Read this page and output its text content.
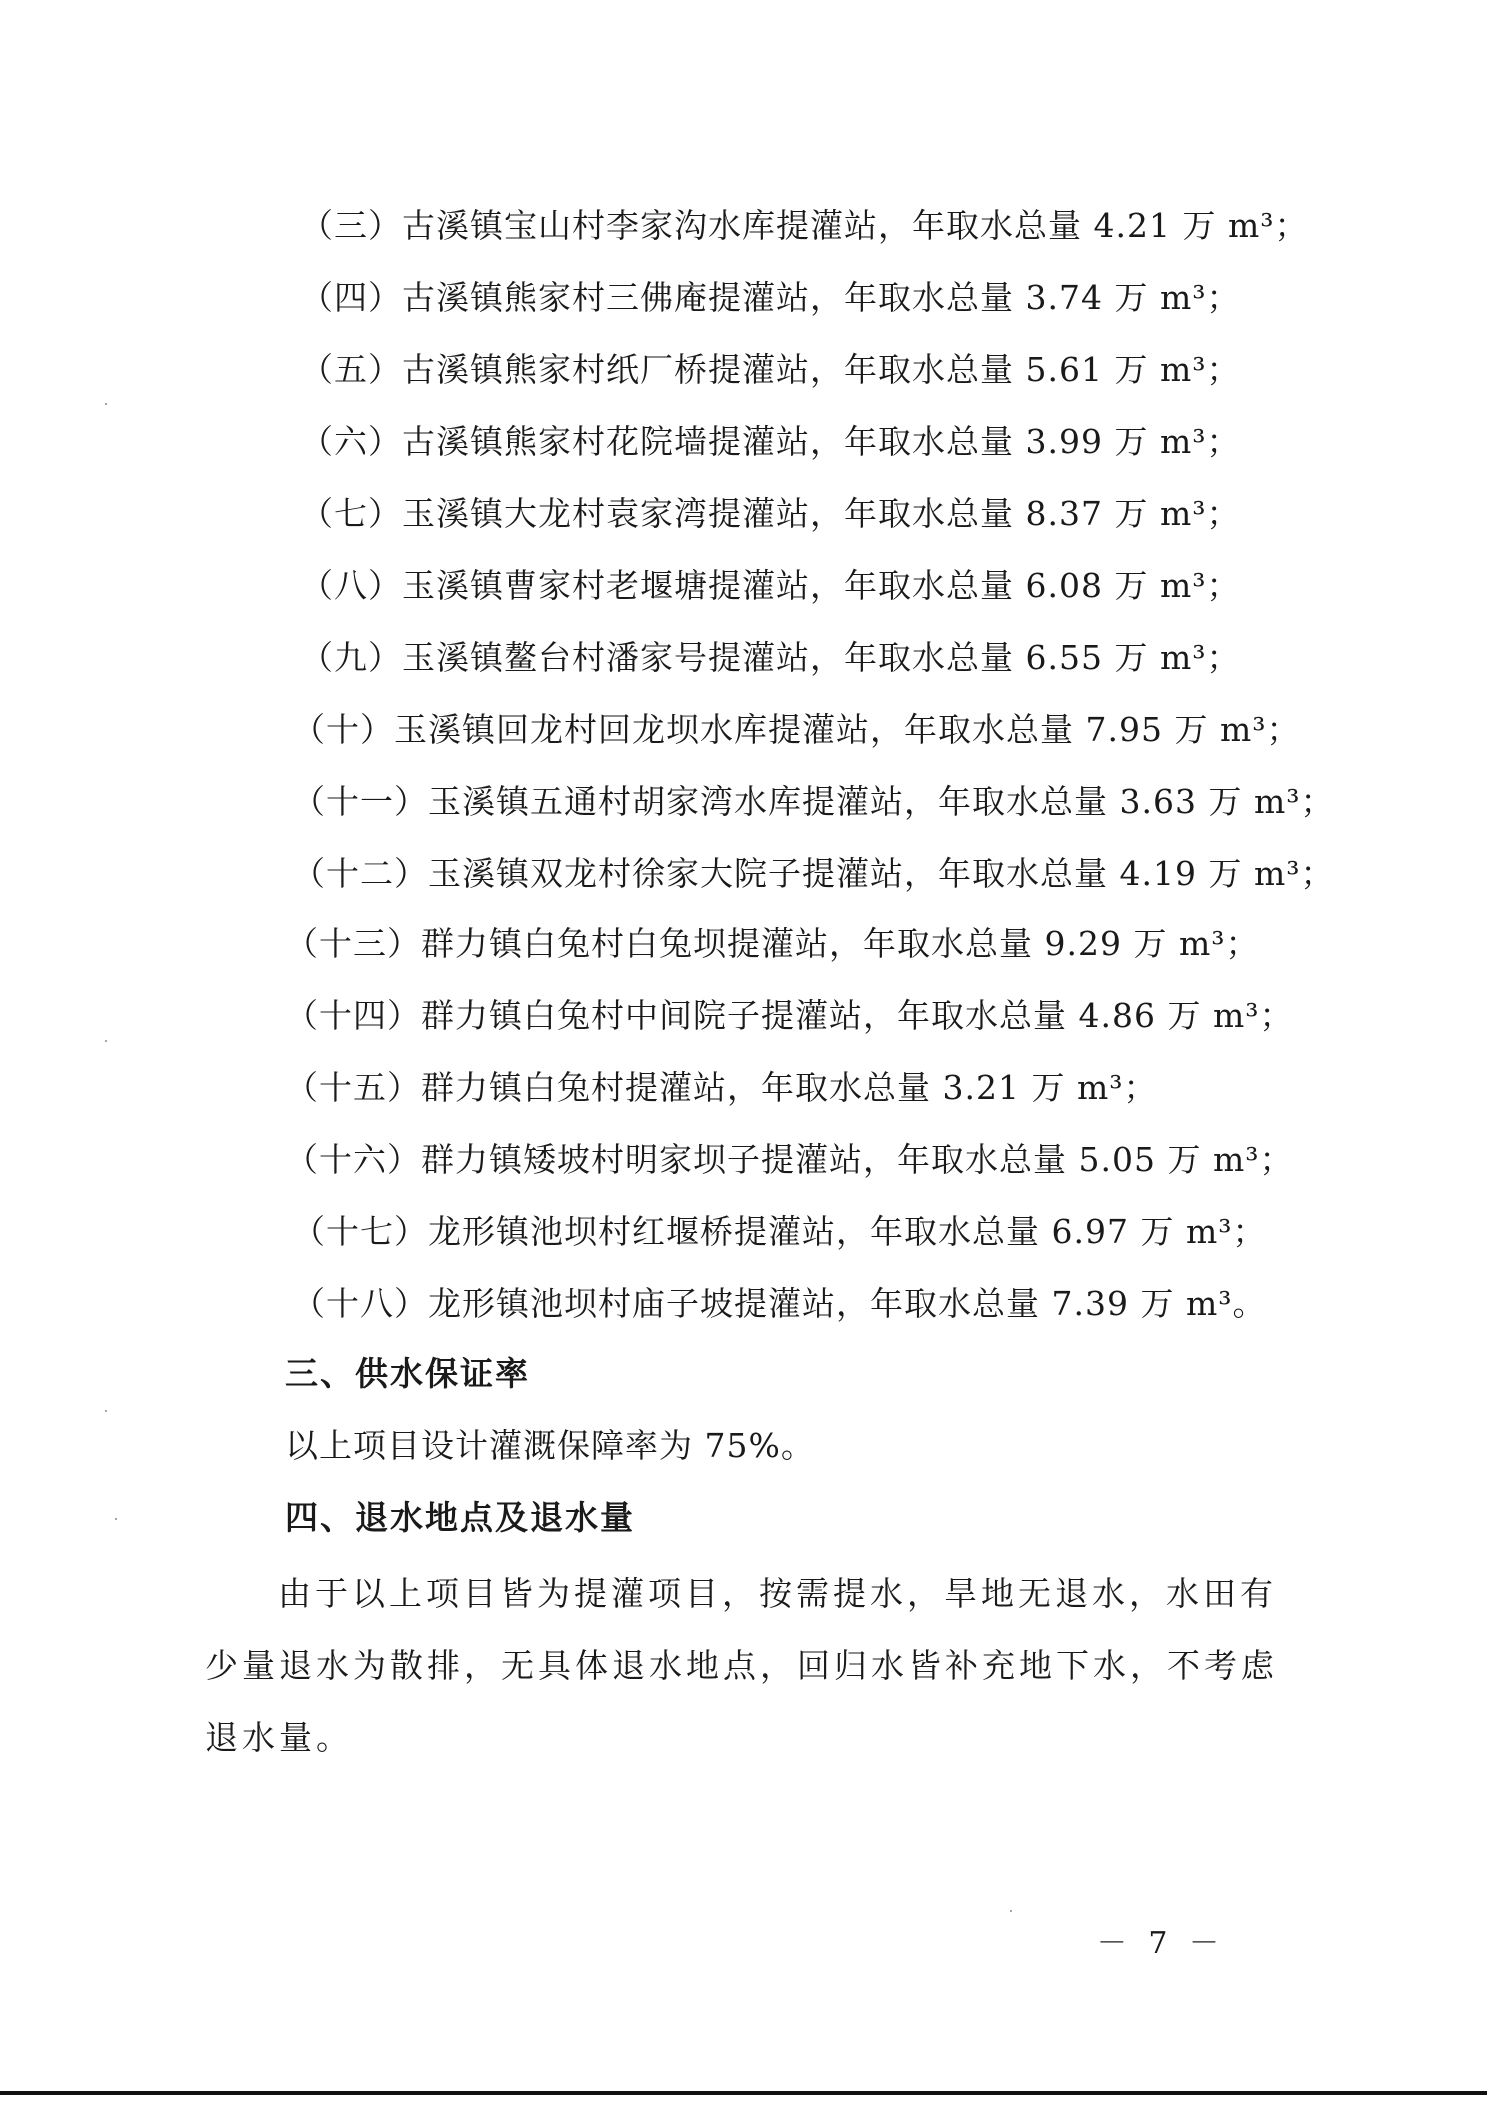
（三）古溪镇宝山村李家沟水库提灌站，年取水总量 4.21 万 m³；
（四）古溪镇熊家村三佛庵提灌站，年取水总量 3.74 万 m³；
（五）古溪镇熊家村纸厂桥提灌站，年取水总量 5.61 万 m³；
（六）古溪镇熊家村花院墙提灌站，年取水总量 3.99 万 m³；
（七）玉溪镇大龙村袁家湾提灌站，年取水总量 8.37 万 m³；
（八）玉溪镇曹家村老堰塘提灌站，年取水总量 6.08 万 m³；
（九）玉溪镇鳌台村潘家号提灌站，年取水总量 6.55 万 m³；
（十）玉溪镇回龙村回龙坝水库提灌站，年取水总量 7.95 万 m³；
（十一）玉溪镇五通村胡家湾水库提灌站，年取水总量 3.63 万 m³；
（十二）玉溪镇双龙村徐家大院子提灌站，年取水总量 4.19 万 m³；
（十三）群力镇白兔村白兔坝提灌站，年取水总量 9.29 万 m³；
（十四）群力镇白兔村中间院子提灌站，年取水总量 4.86 万 m³；
（十五）群力镇白兔村提灌站，年取水总量 3.21 万 m³；
（十六）群力镇矮坡村明家坝子提灌站，年取水总量 5.05 万 m³；
（十七）龙形镇池坝村红堰桥提灌站，年取水总量 6.97 万 m³；
（十八）龙形镇池坝村庙子坡提灌站，年取水总量 7.39 万 m³。
三、供水保证率
以上项目设计灌溉保障率为 75%。
四、退水地点及退水量
由于以上项目皆为提灌项目，按需提水，旱地无退水，水田有
少量退水为散排，无具体退水地点，回归水皆补充地下水，不考虑
退水量。
－ 7 －
